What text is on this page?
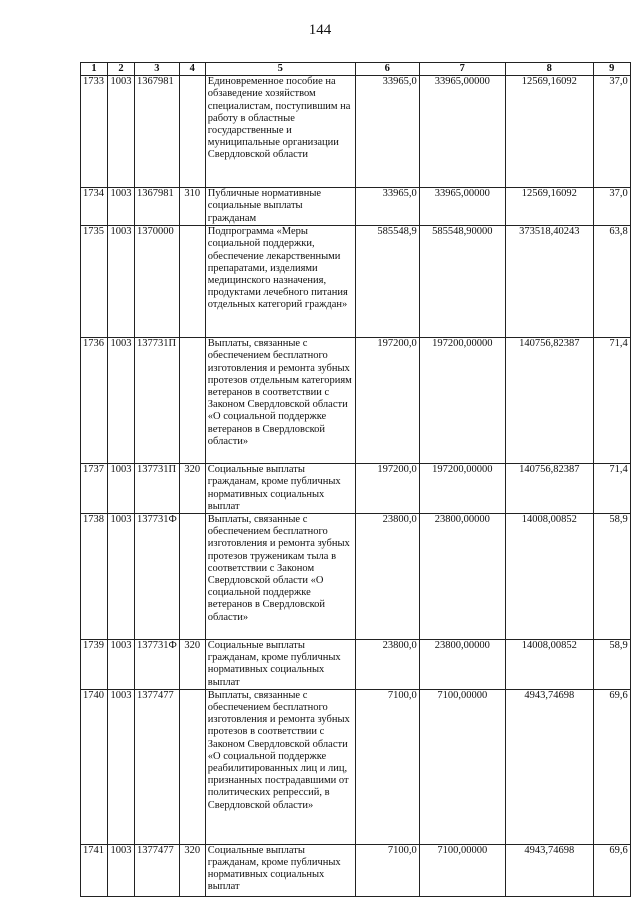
144
1	2	3	4	5	6	7	8	9
1733	1003	1367981		Единовременное пособие на обзаведение хозяйством специалистам, поступившим на работу в областные государственные и муниципальные организации Свердловской области	33965,0	33965,00000	12569,16092	37,0
1734	1003	1367981	310	Публичные нормативные социальные выплаты гражданам	33965,0	33965,00000	12569,16092	37,0
1735	1003	1370000		Подпрограмма «Меры социальной поддержки, обеспечение лекарственными препаратами, изделиями медицинского назначения, продуктами лечебного питания отдельных категорий граждан»	585548,9	585548,90000	373518,40243	63,8
1736	1003	137731П		Выплаты, связанные с обеспечением бесплатного изготовления и ремонта зубных протезов отдельным категориям ветеранов в соответствии с Законом Свердловской области «О социальной поддержке ветеранов в Свердловской области»	197200,0	197200,00000	140756,82387	71,4
1737	1003	137731П	320	Социальные выплаты гражданам, кроме публичных нормативных социальных выплат	197200,0	197200,00000	140756,82387	71,4
1738	1003	137731Ф		Выплаты, связанные с обеспечением бесплатного изготовления и ремонта зубных протезов труженикам тыла в соответствии с Законом Свердловской области «О социальной поддержке ветеранов в Свердловской области»	23800,0	23800,00000	14008,00852	58,9
1739	1003	137731Ф	320	Социальные выплаты гражданам, кроме публичных нормативных социальных выплат	23800,0	23800,00000	14008,00852	58,9
1740	1003	1377477		Выплаты, связанные с обеспечением бесплатного изготовления и ремонта зубных протезов в соответствии с Законом Свердловской области «О социальной поддержке реабилитированных лиц и лиц, признанных пострадавшими от политических репрессий, в Свердловской области»	7100,0	7100,00000	4943,74698	69,6
1741	1003	1377477	320	Социальные выплаты гражданам, кроме публичных нормативных социальных выплат	7100,0	7100,00000	4943,74698	69,6
